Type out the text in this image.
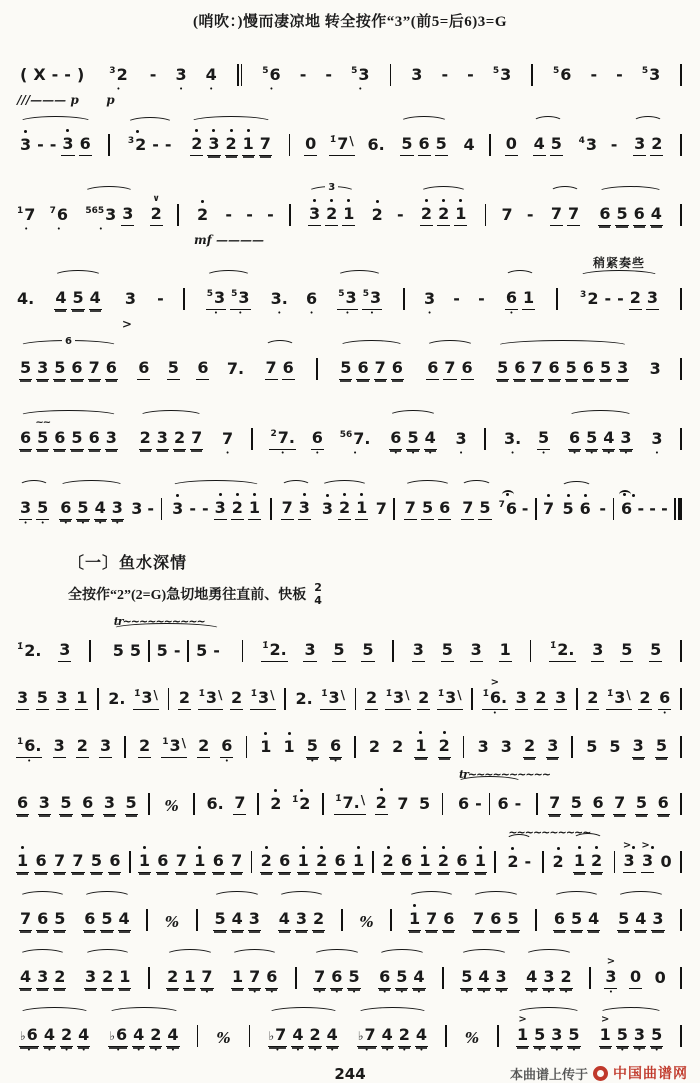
(哨吹：)慢而凄凉地 转全按作“3”(前5=后6)3=G
(
X
-
-
)

///——— p
3 2
•
p
-
3
•
4
•
5 6
•
-
-
5 3
•
3
-
-
5 3
	5 6
-
-
5 3

3
-
-
3
6
	3 2
-
-
2
3
2
1
7
0
1̇ 7 \
6.
5
6
5
4
0
4
5
4 3
-
3
2

1 7
•
7 6
•
565 3
•
3

∨
2
2

mf ————
-
-
-

3
3
2
1
2
-
2
2
1
7
-
7
7
6
5
6
4

4.
4
5
4
3

>
-
	5 3
•
5 3
•
3.
•
6
•
5 3
•
5 3
•
3
•
-
-
6
•
1

稍紧奏些
3 2
-
-
2
3

6
5
3
5
6
7
6
6
5
6
7.
7
6
	5
6
7
6
6
7
6
5
6
7
6
5
6
5
3
3

6

~~
5
6
5
6
3
2
3
2
7
7
•
2 7.
•
6
•
56 7.
•
6
•
5
•
4
•
3
•
3.
•
5
•
6
•
5
•
4
•
3
•
3
•
3
•
5
•
6
•
5
•
4
•
3
•
3
-
3
-
-
3
2
1
7
3
3
2
1
7
7
5
6
7
5
7 6
-
7
5
6
-
6
-
-
-

〔一〕鱼水深情
全按作“2”(2=G)急切地勇往直前、快板
2
4
1̇ 2.
3

tr~~~~~~~~~~
5
5
5
-
5
-
	1̇ 2.
3
5
5
3
5
3
1
	1̇ 2.
3
5
5

3
5
3
1
2.
1̇ 3 \
2
1̇ 3 \
2
1̇ 3 \
2.
1̇ 3 \
2
1̇ 3 \
2
1̇ 3 \

>
1̇ 6.
•
3
2
3
2
1̇ 3 \
2
6
•
1 6.
•
3
2
3
2
1 3 \
2
6
•
1
1
5
•
6
•
2
2
1
2
3
3
2
3
5
5
3
5

6
3
5
6
3
5
% 6.
7
2
1̇ 2
	1̇ 7. \
2
7
5

tr~~~~~~~~~~
6
-
6
-
7
5
6
7
5
6

1
6
7
7
5
6
1
6
7
1
6
7
2
6
1
2
6
1
2
6
1
2
6
1

~~~~~~~~~~
2
-
2
1
2

>
3

>
3
0

7
6
5
6
5
4
% 5
4
3
4
3
2
% 1
7
6
7
6
5
6
5
4
5
4
3

4
3
2
3
2
1
2
1
7
•
1
7
•
6
•
7
•
6
•
5
•
6
•
5
•
4
•
5
•
4
•
3
•
4
•
3
•
2
•
>
3
•
0
0

♭ 6
•
4
•
2
•
4
•
♭ 6
•
4
•
2
•
4
•
%	♭ 7
•
4
•
2
•
4
•
♭ 7
•
4
•
2
•
4
•
%
>
1
5
•
3
•
5
•
>
1
5
•
3
•
5
•
244	本曲谱上传于 中国曲谱网
